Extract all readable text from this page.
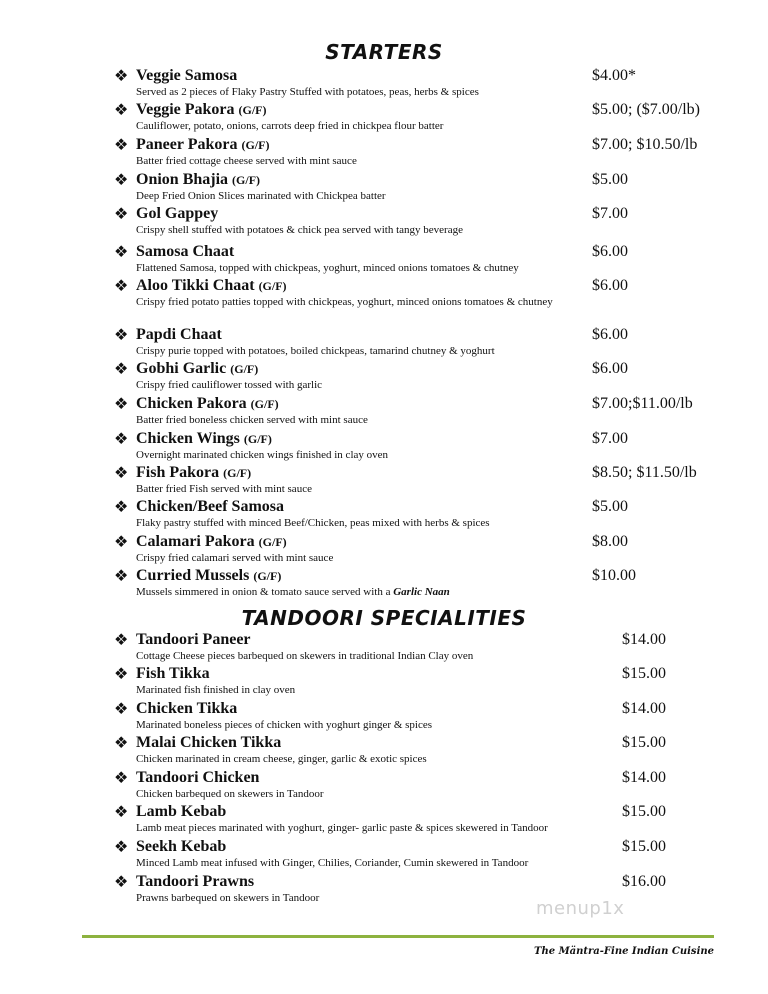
STARTERS
❖ Veggie Samosa
Served as 2 pieces of Flaky Pastry Stuffed with potatoes, peas, herbs & spices
$4.00*
❖ Veggie Pakora (G/F)
Cauliflower, potato, onions, carrots deep fried in chickpea flour batter
$5.00; ($7.00/lb)
❖ Paneer Pakora (G/F)
Batter fried cottage cheese served with mint sauce
$7.00; $10.50/lb
❖ Onion Bhajia (G/F)
Deep Fried Onion Slices marinated with Chickpea batter
$5.00
❖ Gol Gappey
Crispy shell stuffed with potatoes & chick pea served with tangy beverage
$7.00
❖ Samosa Chaat
Flattened Samosa, topped with chickpeas, yoghurt, minced onions tomatoes & chutney
$6.00
❖ Aloo Tikki Chaat (G/F)
Crispy fried potato patties topped with chickpeas, yoghurt, minced onions tomatoes & chutney
$6.00
❖ Papdi Chaat
Crispy purie topped with potatoes, boiled chickpeas, tamarind chutney & yoghurt
$6.00
❖ Gobhi Garlic (G/F)
Crispy fried cauliflower tossed with garlic
$6.00
❖ Chicken Pakora (G/F)
Batter fried boneless chicken served with mint sauce
$7.00;$11.00/lb
❖ Chicken Wings (G/F)
Overnight marinated chicken wings finished in clay oven
$7.00
❖ Fish Pakora (G/F)
Batter fried Fish served with mint sauce
$8.50; $11.50/lb
❖ Chicken/Beef Samosa
Flaky pastry stuffed with minced Beef/Chicken, peas mixed with herbs & spices
$5.00
❖ Calamari Pakora (G/F)
Crispy fried calamari served with mint sauce
$8.00
❖ Curried Mussels (G/F)
Mussels simmered in onion & tomato sauce served with a Garlic Naan
$10.00
TANDOORI SPECIALITIES
❖ Tandoori Paneer
Cottage Cheese pieces barbequed on skewers in traditional Indian Clay oven
$14.00
❖ Fish Tikka
Marinated fish finished in clay oven
$15.00
❖ Chicken Tikka
Marinated boneless pieces of chicken with yoghurt ginger & spices
$14.00
❖ Malai Chicken Tikka
Chicken marinated in cream cheese, ginger, garlic & exotic spices
$15.00
❖ Tandoori Chicken
Chicken barbequed on skewers in Tandoor
$14.00
❖ Lamb Kebab
Lamb meat pieces marinated with yoghurt, ginger- garlic paste & spices skewered in Tandoor
$15.00
❖ Seekh Kebab
Minced Lamb meat infused with Ginger, Chilies, Coriander, Cumin skewered in Tandoor
$15.00
❖ Tandoori Prawns
Prawns barbequed on skewers in Tandoor
$16.00
menup1x
The Mäntra-Fine Indian Cuisine
